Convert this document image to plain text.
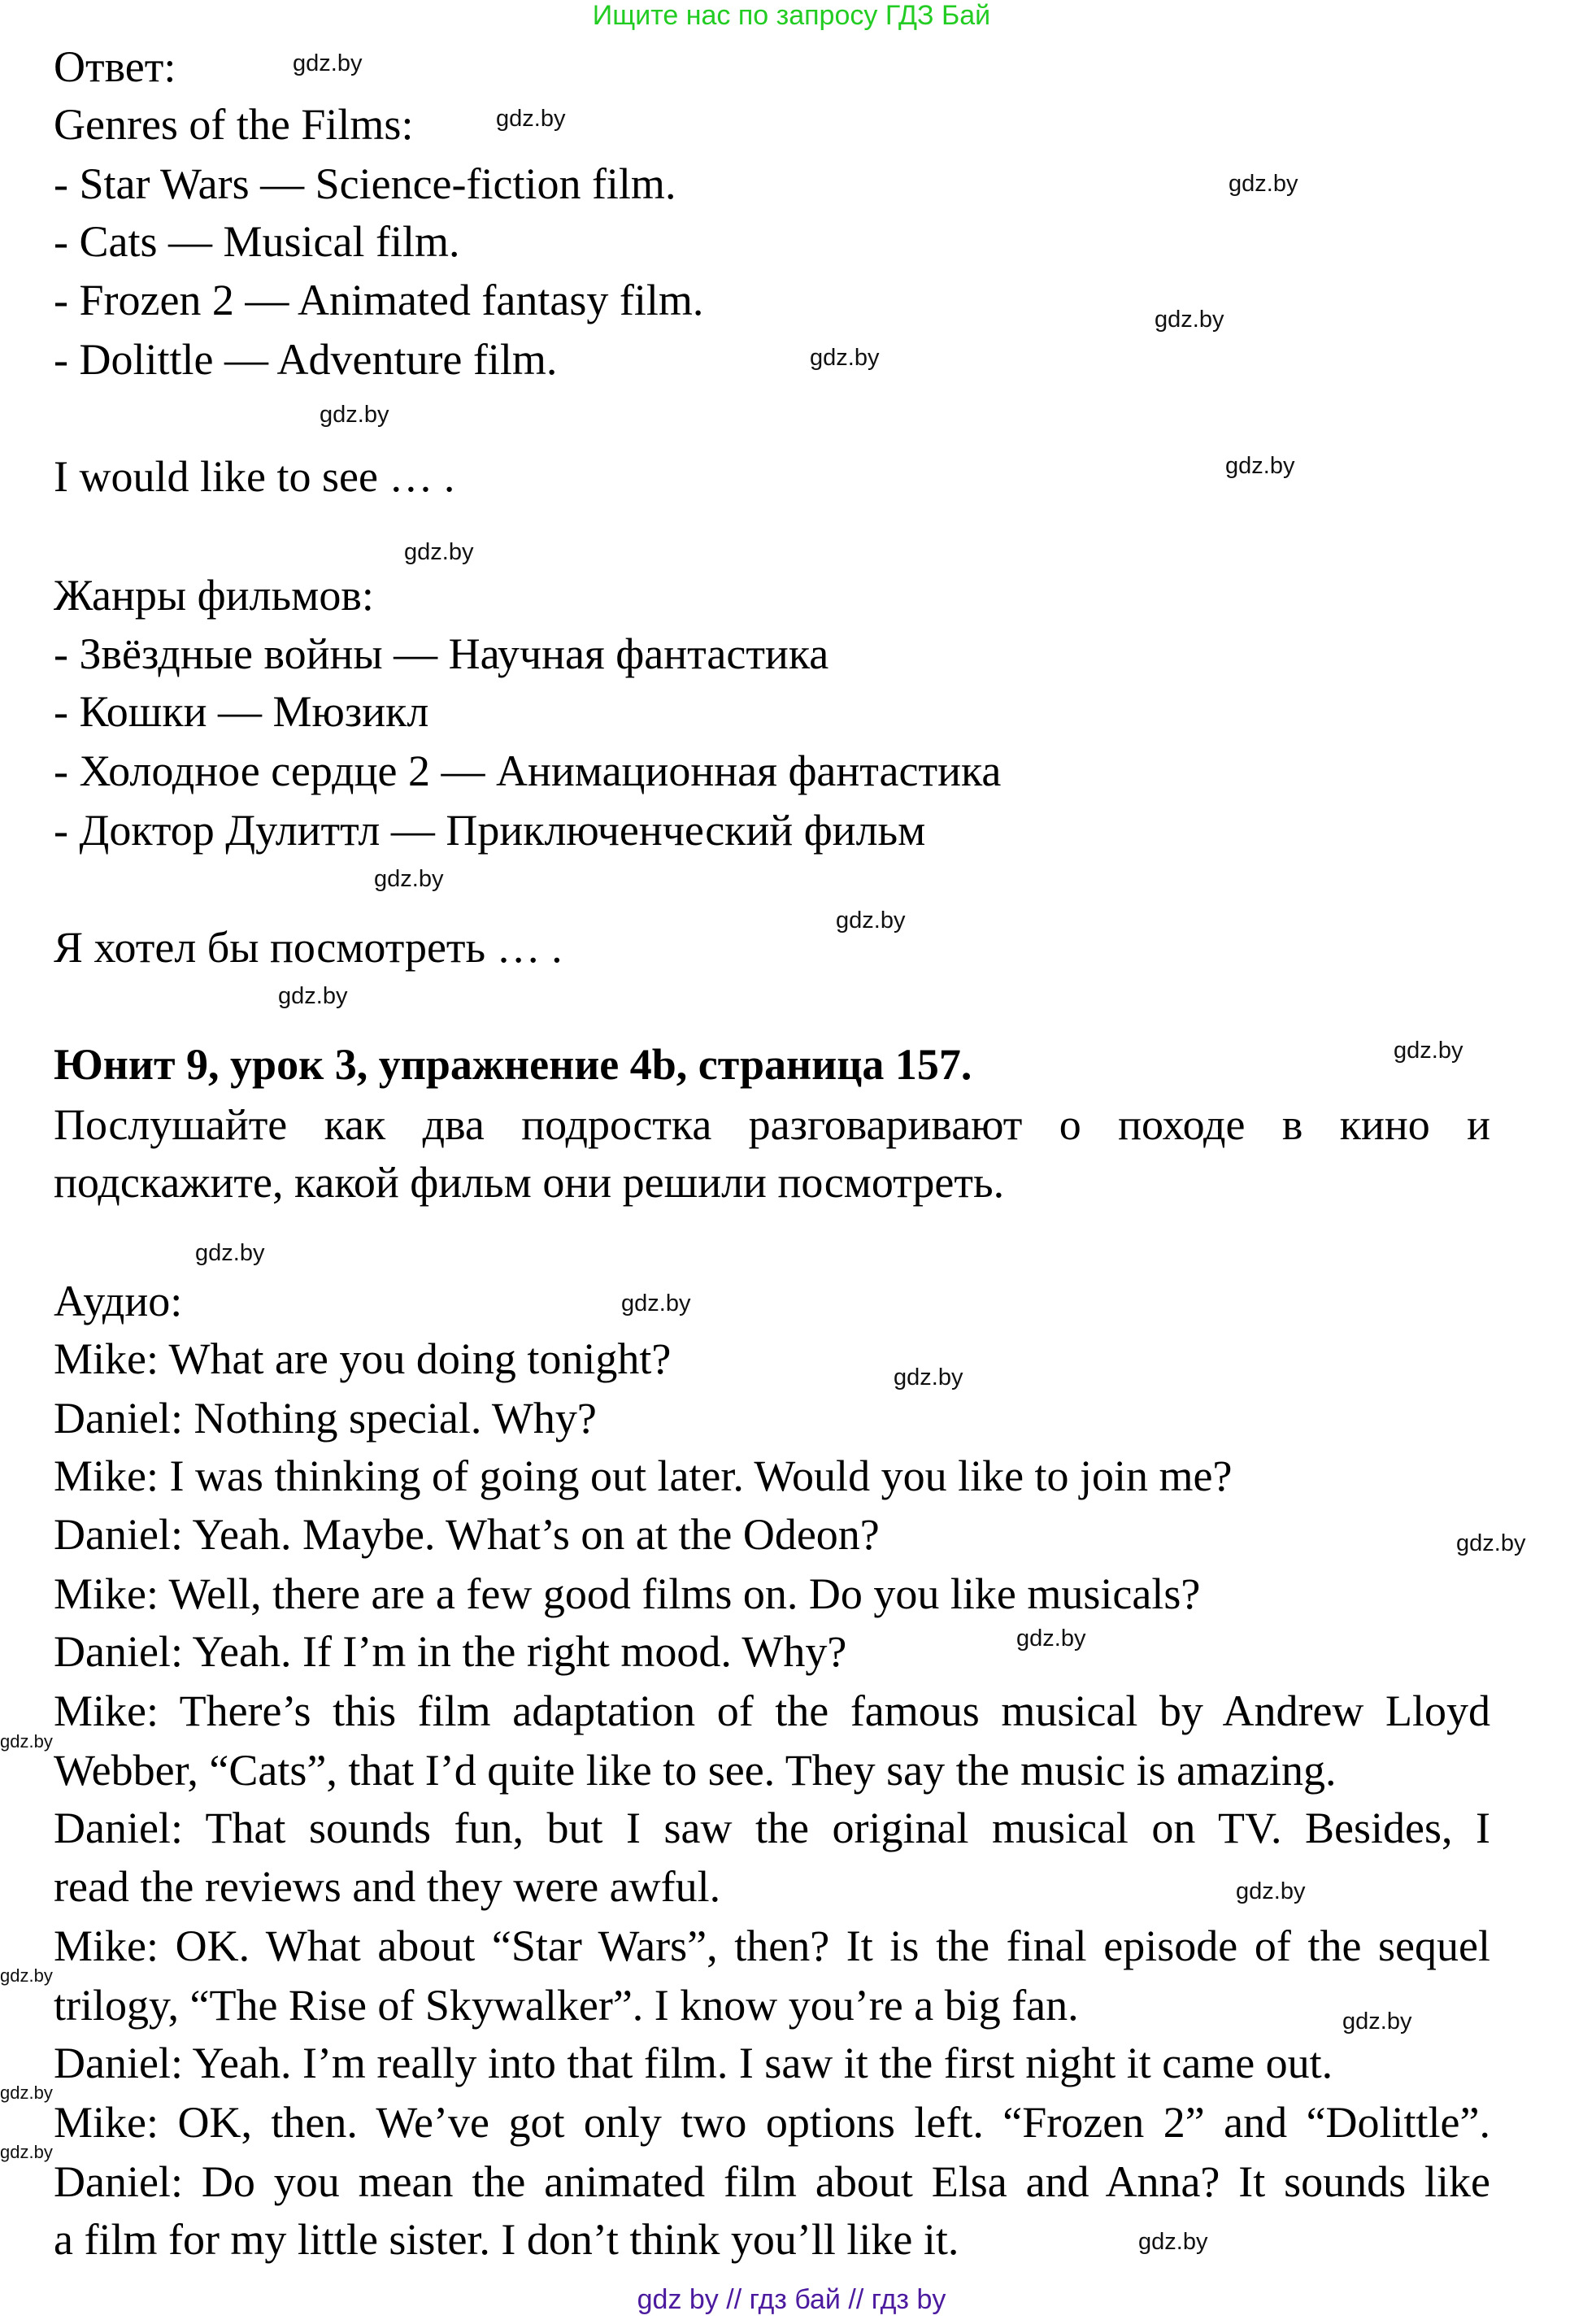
Ищите нас по запросу ГДЗ Бай
Ответ:
Genres of the Films:
- Star Wars — Science-fiction film.
- Cats — Musical film.
- Frozen 2 — Animated fantasy film.
- Dolittle — Adventure film.
I would like to see … .
Жанры фильмов:
- Звёздные войны — Научная фантастика
- Кошки — Мюзикл
- Холодное сердце 2 — Анимационная фантастика
- Доктор Дулиттл — Приключенческий фильм
Я хотел бы посмотреть … .
Юнит 9, урок 3, упражнение 4b, страница 157.
Послушайте как два подростка разговаривают о походе в кино и
подскажите, какой фильм они решили посмотреть.
Аудио:
Mike: What are you doing tonight?
Daniel: Nothing special. Why?
Mike: I was thinking of going out later. Would you like to join me?
Daniel: Yeah. Maybe. What’s on at the Odeon?
Mike: Well, there are a few good films on. Do you like musicals?
Daniel: Yeah. If I’m in the right mood. Why?
Mike: There’s this film adaptation of the famous musical by Andrew Lloyd
Webber, “Cats”, that I’d quite like to see. They say the music is amazing.
Daniel: That sounds fun, but I saw the original musical on TV. Besides, I
read the reviews and they were awful.
Mike: OK. What about “Star Wars”, then? It is the final episode of the sequel
trilogy, “The Rise of Skywalker”. I know you’re a big fan.
Daniel: Yeah. I’m really into that film. I saw it the first night it came out.
Mike: OK, then. We’ve got only two options left. “Frozen 2” and “Dolittle”.
Daniel: Do you mean the animated film about Elsa and Anna? It sounds like
a film for my little sister. I don’t think you’ll like it.
gdz.by
gdz.by
gdz.by
gdz.by
gdz.by
gdz.by
gdz.by
gdz.by
gdz.by
gdz.by
gdz.by
gdz.by
gdz.by
gdz.by
gdz.by
gdz.by
gdz.by
gdz.by
gdz.by
gdz.by
gdz.by
gdz.by
gdz.by
gdz.by
gdz by // гдз бай // гдз by
